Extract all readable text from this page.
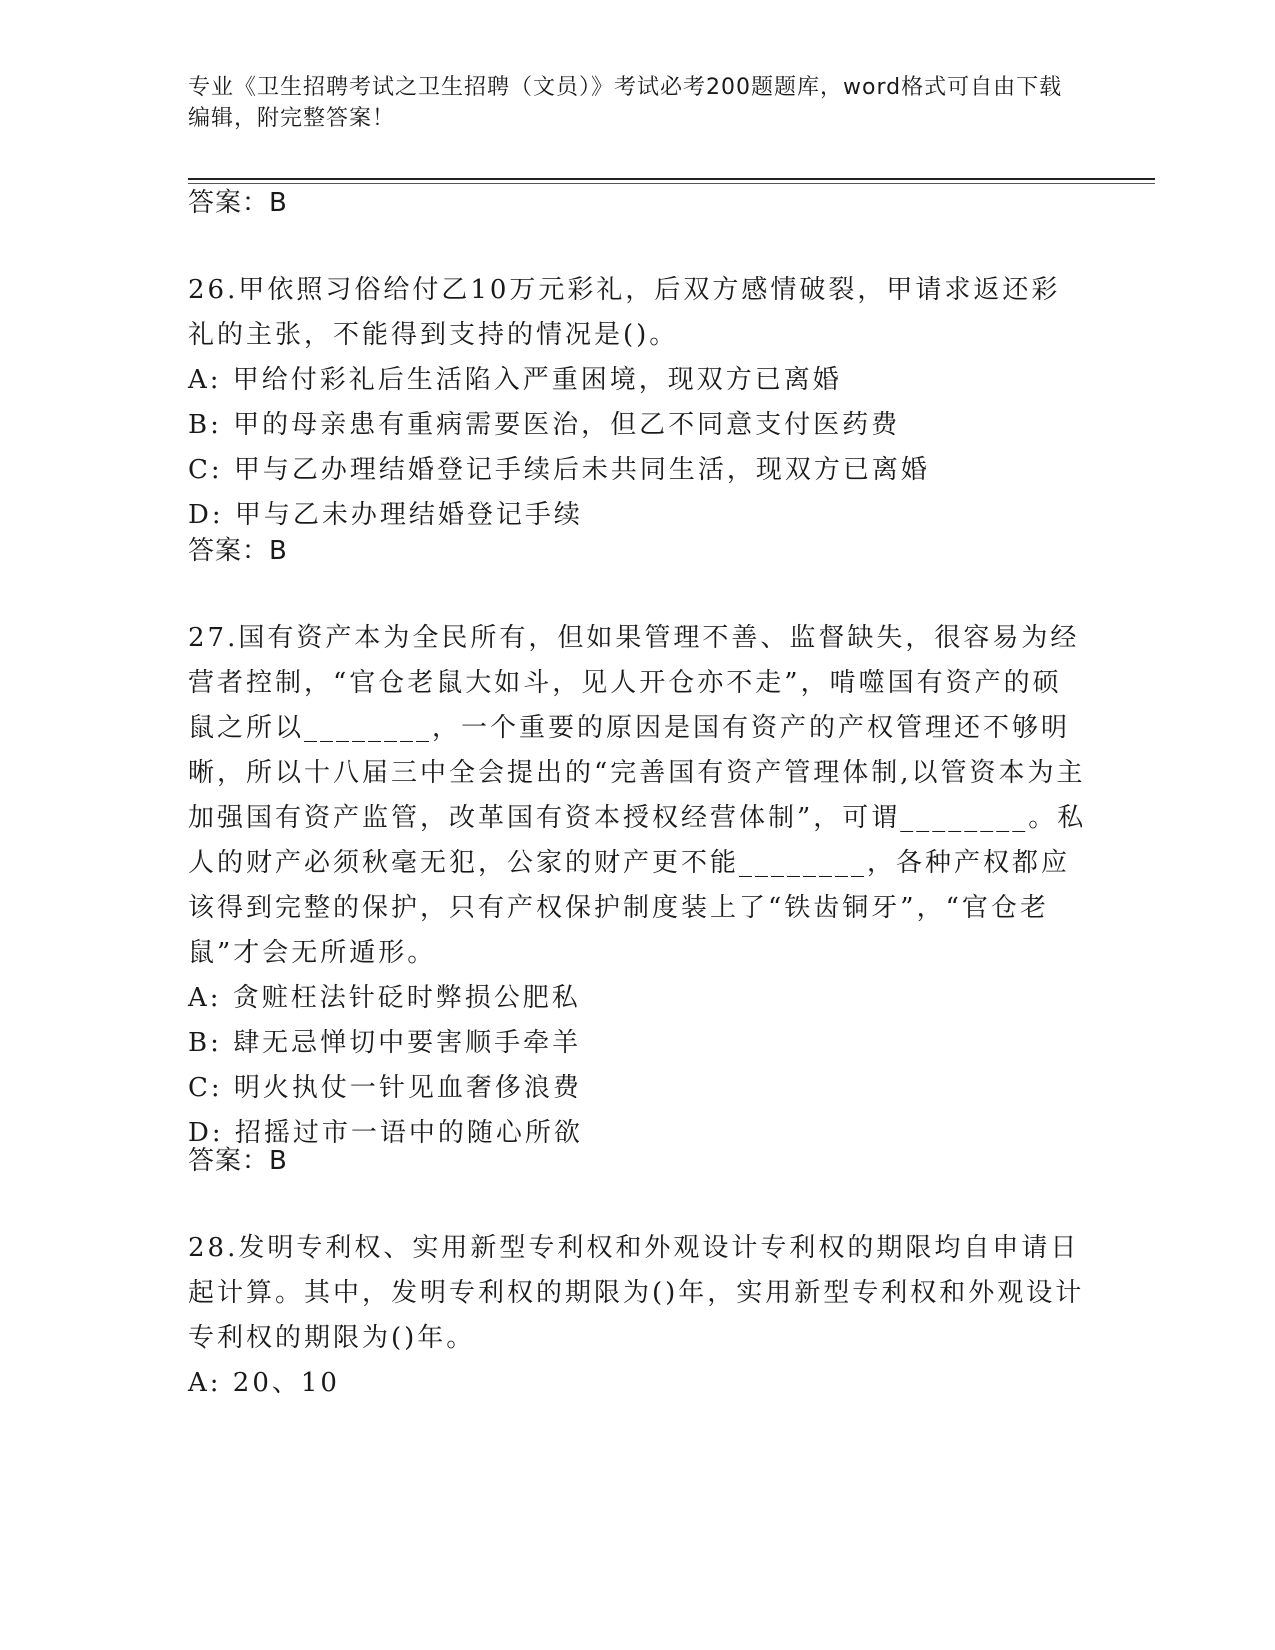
专业《卫生招聘考试之卫生招聘（文员）》考试必考200题题库，word格式可自由下载编辑，附完整答案！
答案：B
26.甲依照习俗给付乙10万元彩礼，后双方感情破裂，甲请求返还彩礼的主张，不能得到支持的情况是()。
A: 甲给付彩礼后生活陷入严重困境，现双方已离婚
B: 甲的母亲患有重病需要医治，但乙不同意支付医药费
C: 甲与乙办理结婚登记手续后未共同生活，现双方已离婚
D: 甲与乙未办理结婚登记手续
答案：B
27.国有资产本为全民所有，但如果管理不善、监督缺失，很容易为经营者控制，“官仓老鼠大如斗，见人开仓亦不走”，啃噬国有资产的硕鼠之所以________，一个重要的原因是国有资产的产权管理还不够明晰，所以十八届三中全会提出的“完善国有资产管理体制,以管资本为主加强国有资产监管，改革国有资本授权经营体制”，可谓________。私人的财产必须秋毫无犯，公家的财产更不能________，各种产权都应该得到完整的保护，只有产权保护制度装上了“铁齿铜牙”，“官仓老鼠”才会无所遁形。
A: 贪赃枉法针砭时弊损公肥私
B: 肆无忌惮切中要害顺手牵羊
C: 明火执仗一针见血奢侈浪费
D: 招摇过市一语中的随心所欲
答案：B
28.发明专利权、实用新型专利权和外观设计专利权的期限均自申请日起计算。其中，发明专利权的期限为()年，实用新型专利权和外观设计专利权的期限为()年。
A: 20、10
